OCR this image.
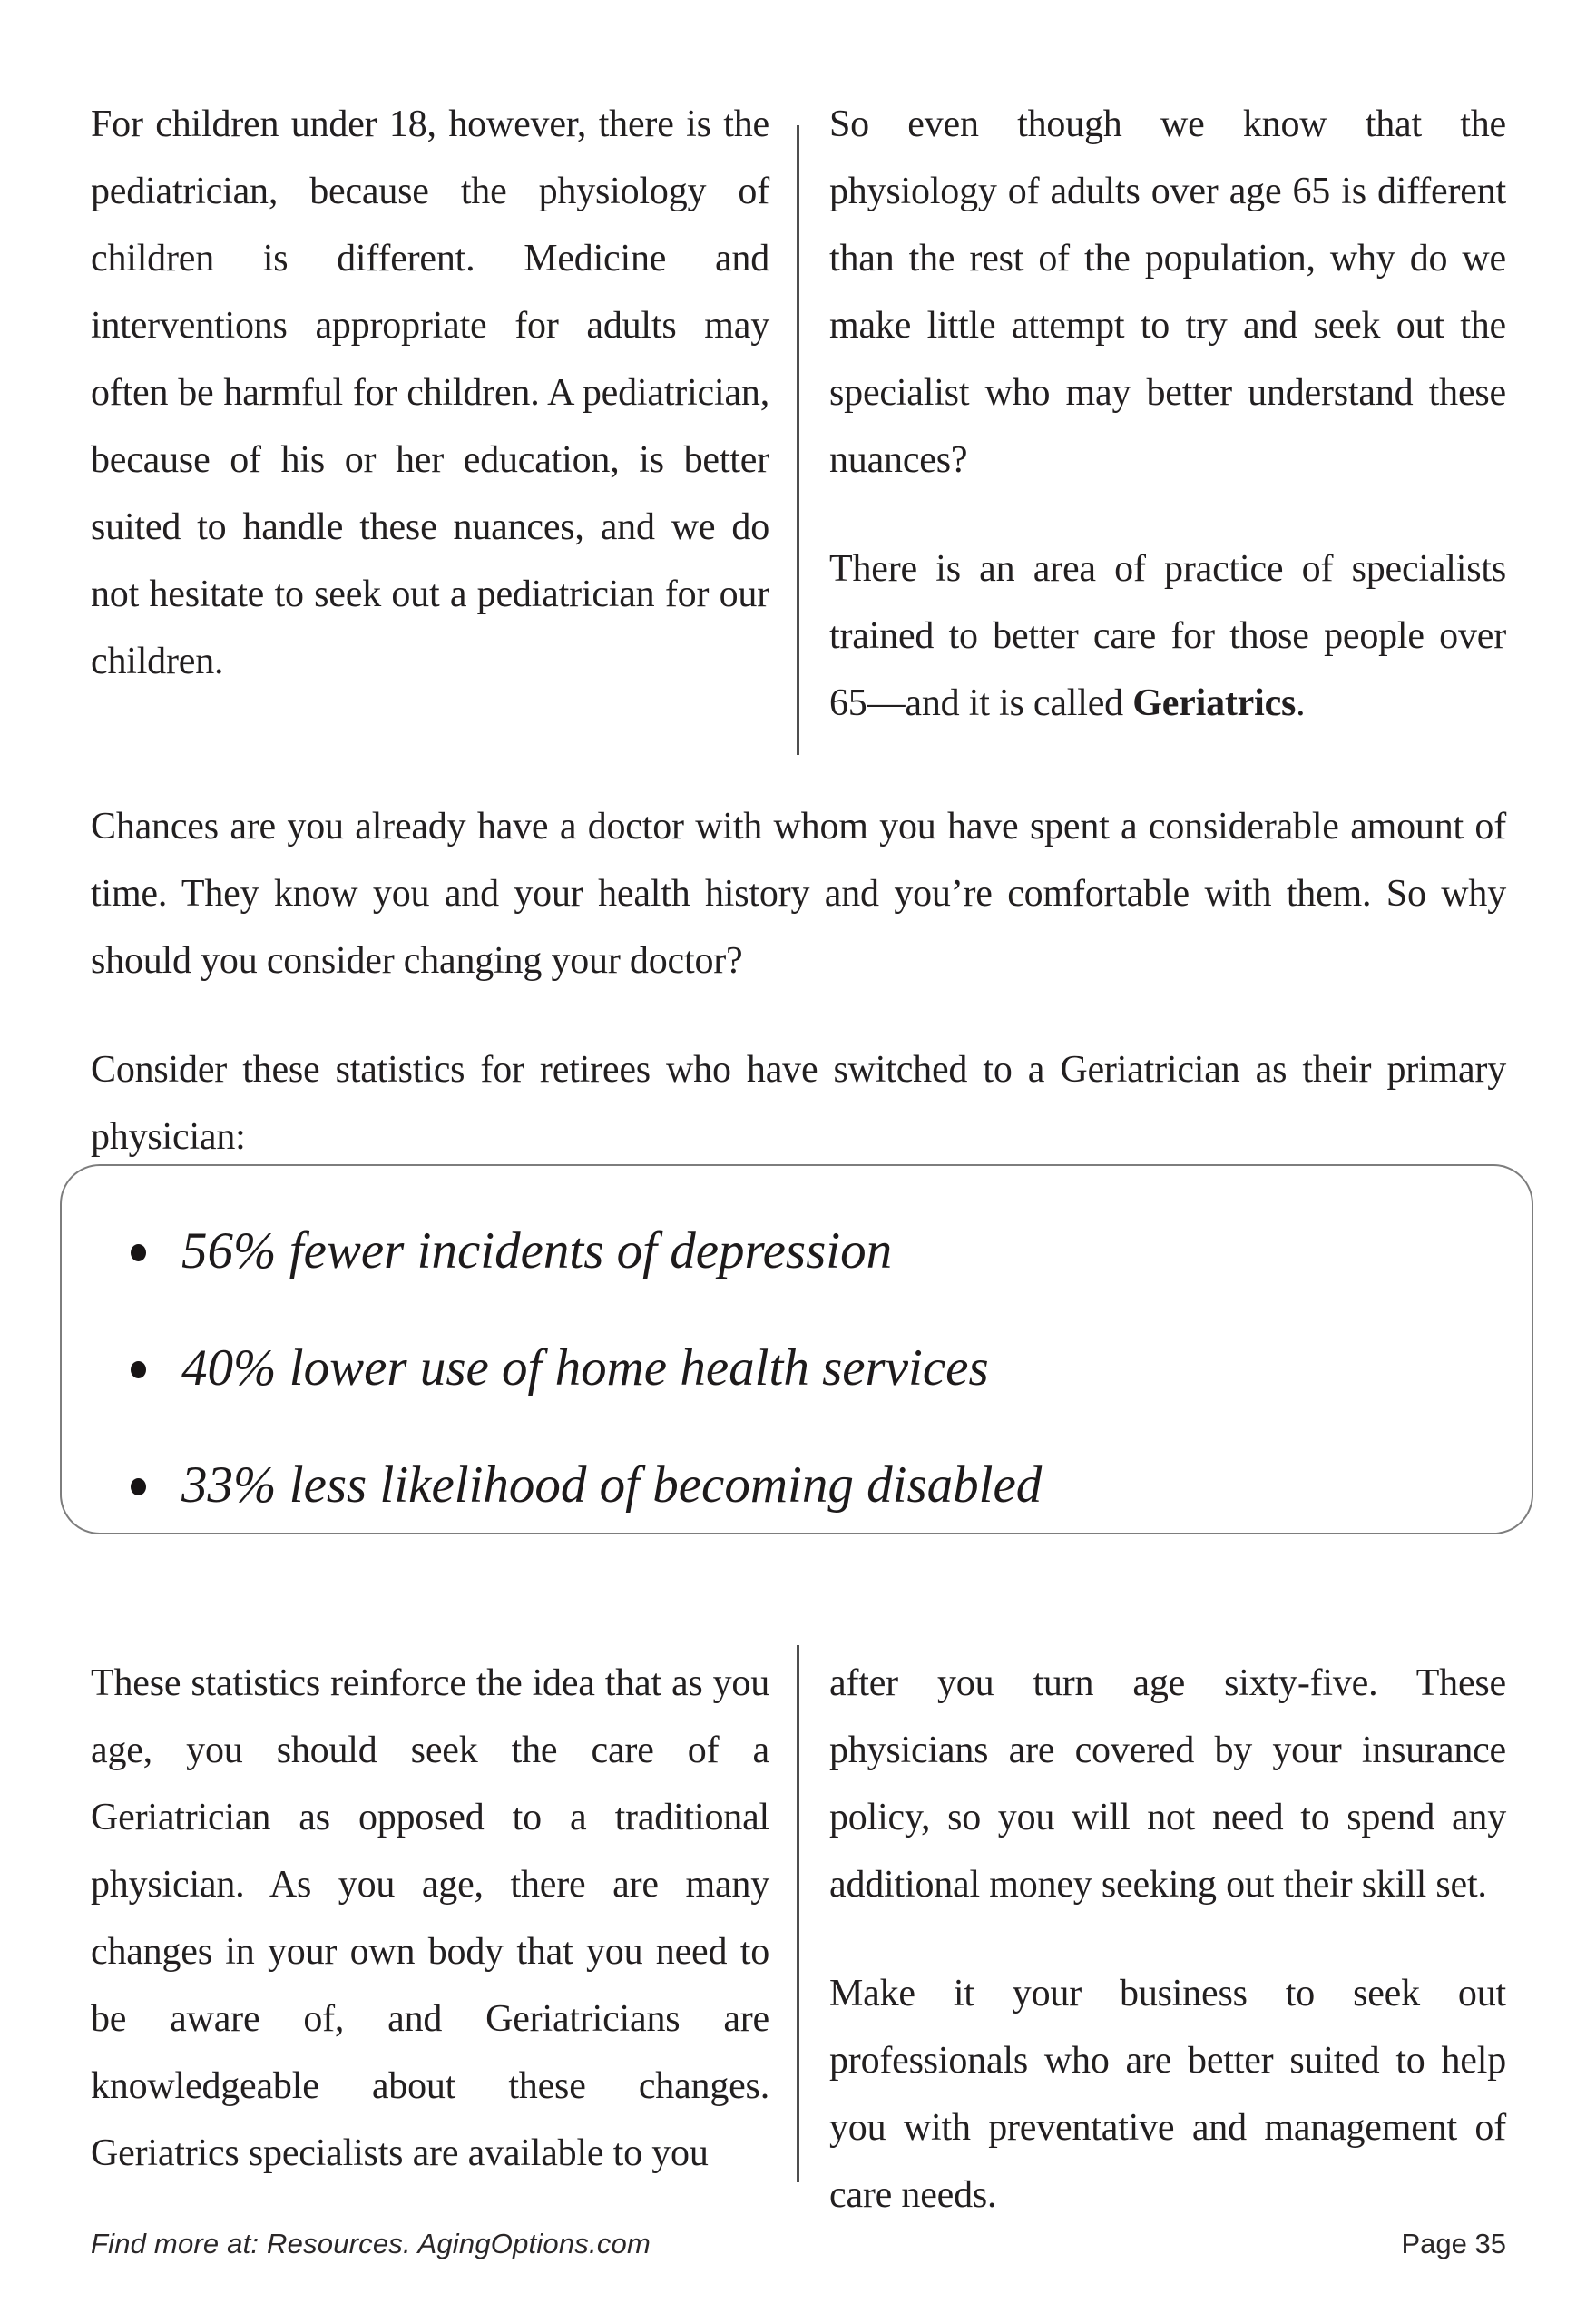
For children under 18, however, there is the pediatrician, because the physiology of children is different. Medicine and interventions appropriate for adults may often be harmful for children. A pediatrician, because of his or her education, is better suited to handle these nuances, and we do not hesitate to seek out a pediatrician for our children.

So even though we know that the physiology of adults over age 65 is different than the rest of the population, why do we make little attempt to try and seek out the specialist who may better understand these nuances?

There is an area of practice of specialists trained to better care for those people over 65—and it is called Geriatrics.

Chances are you already have a doctor with whom you have spent a considerable amount of time. They know you and your health history and you’re comfortable with them. So why should you consider changing your doctor?

Consider these statistics for retirees who have switched to a Geriatrician as their primary physician:

56% fewer incidents of depression
40% lower use of home health services
33% less likelihood of becoming disabled

These statistics reinforce the idea that as you age, you should seek the care of a Geriatrician as opposed to a traditional physician. As you age, there are many changes in your own body that you need to be aware of, and Geriatricians are knowledgeable about these changes. Geriatrics specialists are available to you

after you turn age sixty-five. These physicians are covered by your insurance policy, so you will not need to spend any additional money seeking out their skill set.

Make it your business to seek out professionals who are better suited to help you with preventative and management of care needs.

Find more at: Resources. AgingOptions.com	Page 35
